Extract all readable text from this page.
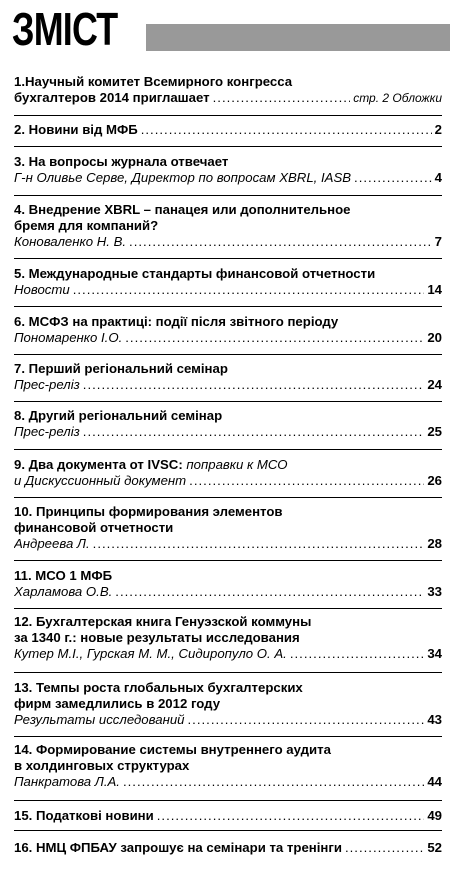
ЗМІСТ
1.Научный комитет Всемирного конгресса
бухгалтеров 2014 приглашает .....	стр. 2 Обложки
2. Новини від МФБ .....	2
3. На вопросы журнала отвечает
Г-н Оливье Серве, Директор по вопросам XBRL, IASB .....	4
4. Внедрение XBRL – панацея или дополнительное
бремя для компаний?
Коноваленко Н. В. .....	7
5. Международные стандарты финансовой отчетности
Новости .....	14
6. МСФЗ на практиці: події після звітного періоду
Пономаренко І.О. .....	20
7. Перший регіональний семінар
Прес-реліз .....	24
8. Другий регіональний семінар
Прес-реліз .....	25
9. Два документа от IVSC: поправки к МСО
и Дискуссионный документ .....	26
10. Принципы формирования элементов
финансовой отчетности
Андреева Л. .....	28
11. МСО 1 МФБ
Харламова О.В. .....	33
12. Бухгалтерская книга Генуэзской коммуны
за 1340 г.: новые результаты исследования
Кутер М.І., Гурская М. М., Сидиропуло О. А. .....	34
13. Темпы роста глобальных бухгалтерских
фирм замедлились в 2012 году
Результаты исследований .....	43
14. Формирование системы внутреннего аудита
в холдинговых структурах
Панкратова Л.А. .....	44
15. Податкові новини .....	49
16. НМЦ ФПБАУ запрошує на семінари та тренінги .....	52
